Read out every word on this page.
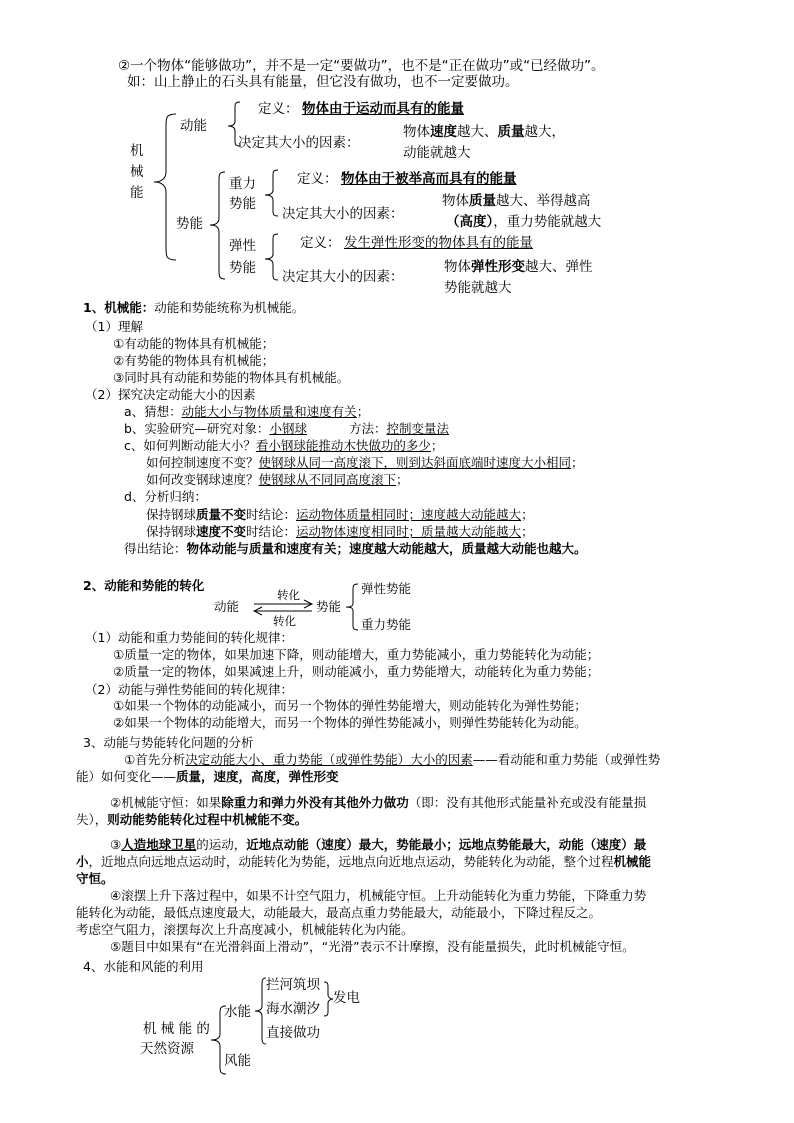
②一个物体“能够做功”，并不是一定“要做功”，也不是“正在做功”或“已经做功”。
如：山上静止的石头具有能量，但它没有做功，也不一定要做功。
机
械
能
动能
定义： 物体由于运动而具有的能量
决定其大小的因素：
物体速度越大、质量越大，
动能就越大
势能
重力
势能
定义： 物体由于被举高而具有的能量
决定其大小的因素：
物体质量越大、举得越高
（高度），重力势能就越大
弹性
势能
定义： 发生弹性形变的物体具有的能量
决定其大小的因素：
物体弹性形变越大、弹性
势能就越大
1、机械能：动能和势能统称为机械能。
（1）理解
①有动能的物体具有机械能；
②有势能的物体具有机械能；
③同时具有动能和势能的物体具有机械能。
（2）探究决定动能大小的因素
a、猜想：动能大小与物体质量和速度有关；
b、实验研究—研究对象：小钢球	方法：控制变量法
c、如何判断动能大小？看小钢球能推动木快做功的多少；
如何控制速度不变？使钢球从同一高度滚下，则到达斜面底端时速度大小相同；
如何改变钢球速度？使钢球从不同同高度滚下；
d、分析归纳：
保持钢球质量不变时结论：运动物体质量相同时；速度越大动能越大；
保持钢球速度不变时结论：运动物体速度相同时；质量越大动能越大；
得出结论：物体动能与质量和速度有关；速度越大动能越大，质量越大动能也越大。
2、动能和势能的转化
动能
转化
转化
势能
弹性势能
重力势能
（1）动能和重力势能间的转化规律：
①质量一定的物体，如果加速下降，则动能增大，重力势能减小，重力势能转化为动能；
②质量一定的物体，如果减速上升，则动能减小，重力势能增大，动能转化为重力势能；
（2）动能与弹性势能间的转化规律：
①如果一个物体的动能减小，而另一个物体的弹性势能增大，则动能转化为弹性势能；
②如果一个物体的动能增大，而另一个物体的弹性势能减小，则弹性势能转化为动能。
3、动能与势能转化问题的分析
①首先分析决定动能大小、重力势能（或弹性势能）大小的因素——看动能和重力势能（或弹性势
能）如何变化——质量，速度，高度，弹性形变
②机械能守恒：如果除重力和弹力外没有其他外力做功（即：没有其他形式能量补充或没有能量损
失），则动能势能转化过程中机械能不变。
③人造地球卫星的运动，近地点动能（速度）最大，势能最小；远地点势能最大，动能（速度）最
小，近地点向远地点运动时，动能转化为势能，远地点向近地点运动，势能转化为动能，整个过程机械能
守恒。
④滚摆上升下落过程中，如果不计空气阻力，机械能守恒。上升动能转化为重力势能，下降重力势
能转化为动能，最低点速度最大，动能最大，最高点重力势能最大，动能最小，下降过程反之。
考虑空气阻力，滚摆每次上升高度减小，机械能转化为内能。
⑤题目中如果有“在光滑斜面上滑动”，“光滑”表示不计摩擦，没有能量损失，此时机械能守恒。
4、水能和风能的利用
机 械 能 的
天然资源
水能
风能
拦河筑坝
海水潮汐
直接做功
发电
